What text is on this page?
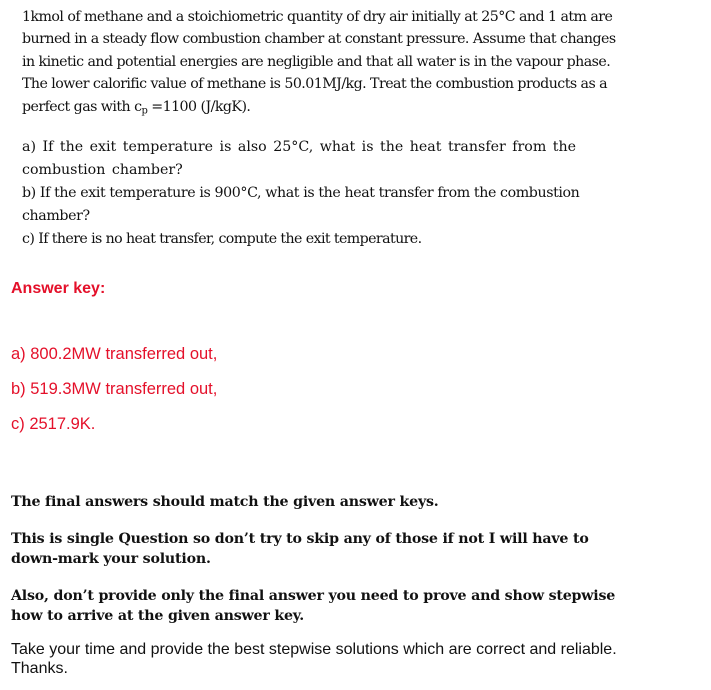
1kmol of methane and a stoichiometric quantity of dry air initially at 25°C and 1 atm are burned in a steady flow combustion chamber at constant pressure. Assume that changes in kinetic and potential energies are negligible and that all water is in the vapour phase. The lower calorific value of methane is 50.01MJ/kg. Treat the combustion products as a perfect gas with $c_p =1100$ (J/kgK).

a) If the exit temperature is also 25°C, what is the heat transfer from the combustion chamber?

b) If the exit temperature is 900°C, what is the heat transfer from the combustion chamber?

c) If there is no heat transfer, compute the exit temperature.

Answer key:

a) 800.2MW transferred out,

b) 519.3MW transferred out,

c) 2517.9K.

The final answers should match the given answer keys.

This is single Question so don’t try to skip any of those if not I will have to down-mark your solution.

Also, don’t provide only the final answer you need to prove and show stepwise how to arrive at the given answer key.

Take your time and provide the best stepwise solutions which are correct and reliable. Thanks.
